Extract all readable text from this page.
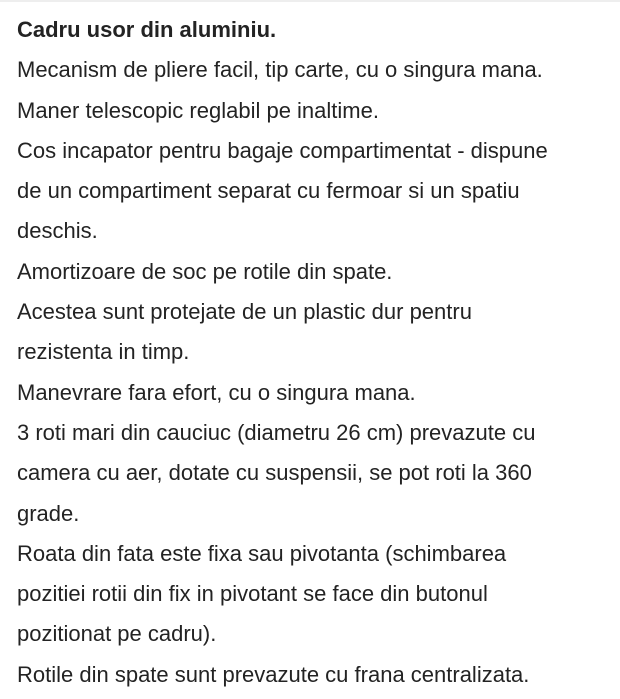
Cadru usor din aluminiu.
Mecanism de pliere facil, tip carte, cu o singura mana.
Maner telescopic reglabil pe inaltime.
Cos incapator pentru bagaje compartimentat - dispune
de un compartiment separat cu fermoar si un spatiu
deschis.
Amortizoare de soc pe rotile din spate.
Acestea sunt protejate de un plastic dur pentru
rezistenta in timp.
Manevrare fara efort, cu o singura mana.
3 roti mari din cauciuc (diametru 26 cm) prevazute cu
camera cu aer, dotate cu suspensii, se pot roti la 360
grade.
Roata din fata este fixa sau pivotanta (schimbarea
pozitiei rotii din fix in pivotant se face din butonul
pozitionat pe cadru).
Rotile din spate sunt prevazute cu frana centralizata.
